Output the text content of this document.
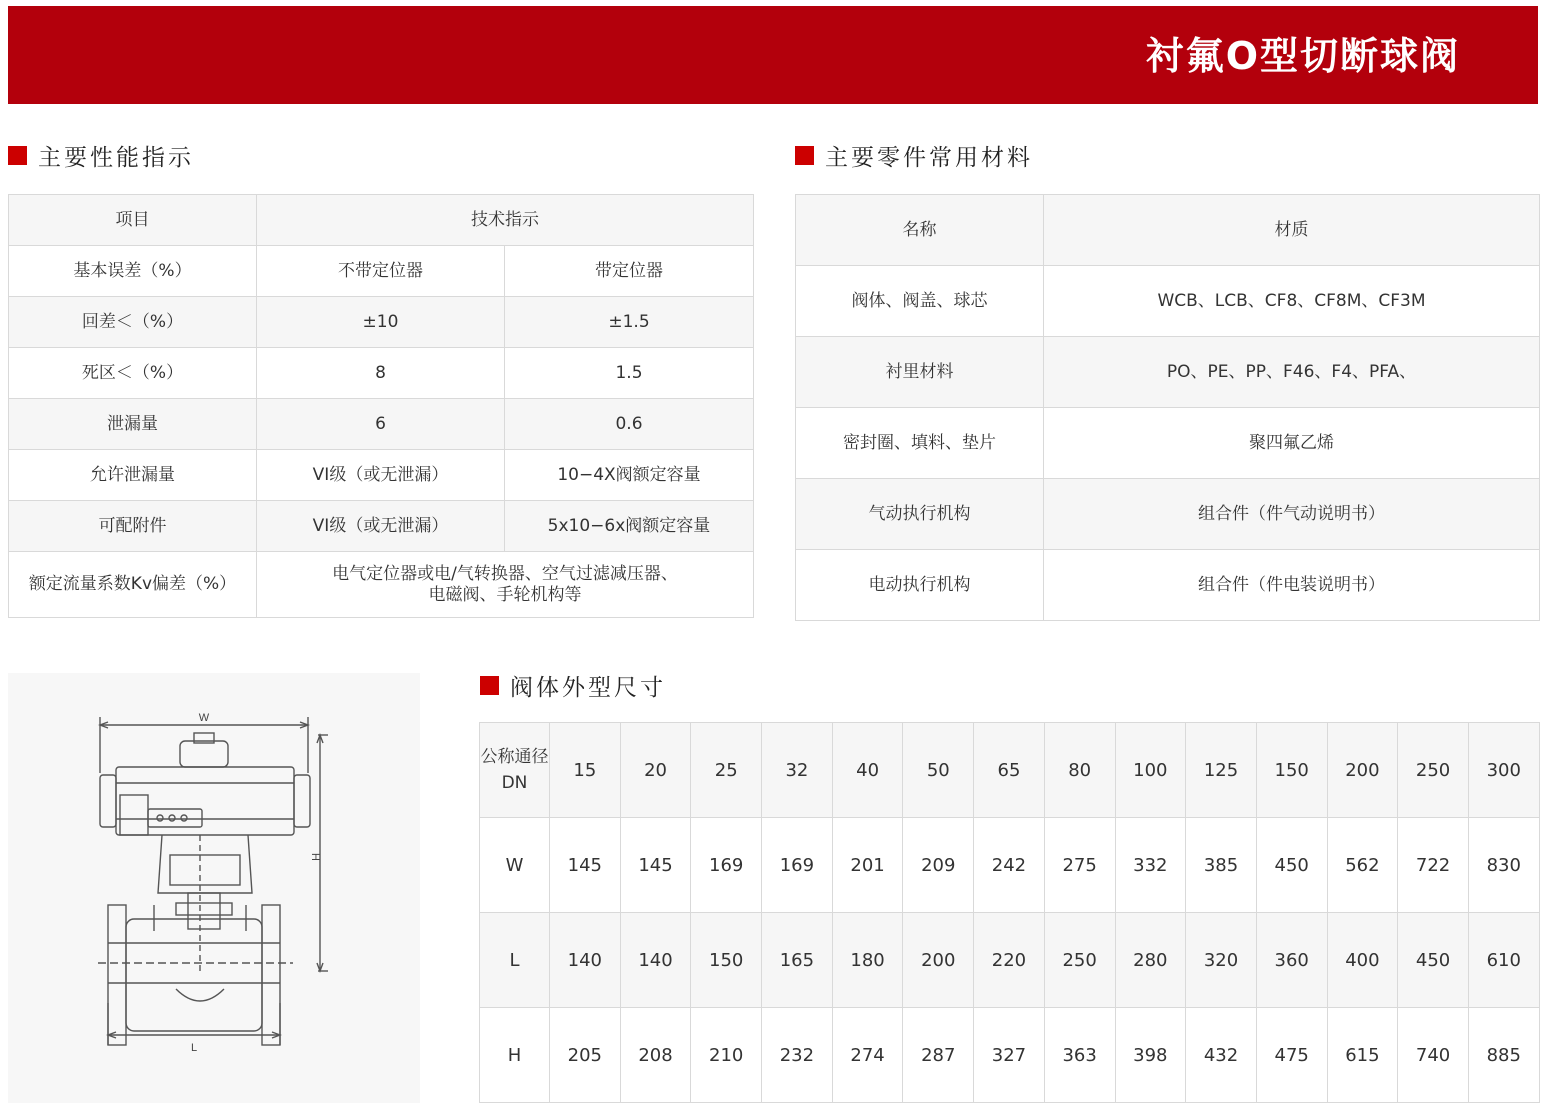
衬氟O型切断球阀
主要性能指示
项目	技术指示	
基本误差（%）	不带定位器	带定位器
回差＜（%）	±10	±1.5
死区＜（%）	8	1.5
泄漏量	6	0.6
允许泄漏量	VI级（或无泄漏）	10−4X阀额定容量
可配附件	VI级（或无泄漏）	5x10−6x阀额定容量
额定流量系数Kv偏差（%）	电气定位器或电/气转换器、空气过滤减压器、
电磁阀、手轮机构等	
主要零件常用材料
名称	材质
阀体、阀盖、球芯	WCB、LCB、CF8、CF8M、CF3M
衬里材料	PO、PE、PP、F46、F4、PFA、
密封圈、填料、垫片	聚四氟乙烯
气动执行机构	组合件（件气动说明书）
电动执行机构	组合件（件电装说明书）
W
H
L
阀体外型尺寸
公称通径
DN	15	20	25	32	40	50	65	80	100	125	150	200	250	300
W	145	145	169	169	201	209	242	275	332	385	450	562	722	830
L	140	140	150	165	180	200	220	250	280	320	360	400	450	610
H	205	208	210	232	274	287	327	363	398	432	475	615	740	885
